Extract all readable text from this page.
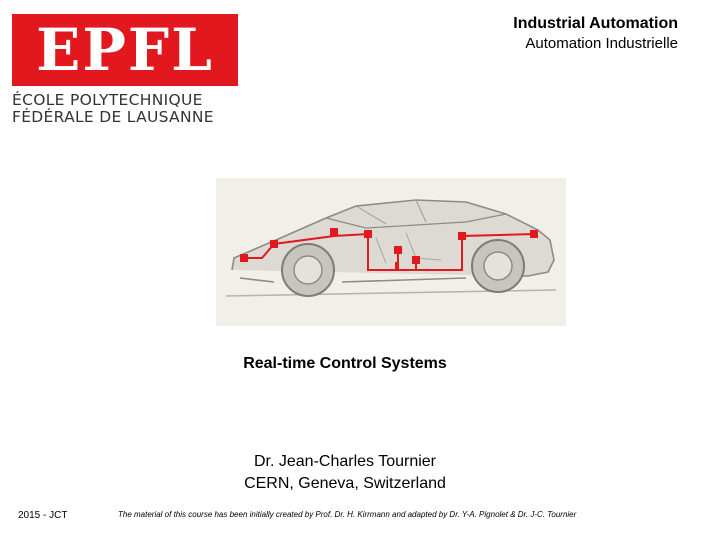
EPFL
ÉCOLE POLYTECHNIQUE
FÉDÉRALE DE LAUSANNE
Industrial Automation
Automation Industrielle
Real-time Control Systems
Dr. Jean-Charles Tournier
CERN, Geneva, Switzerland
2015 - JCT	The material of this course has been initially created by Prof. Dr. H. Kirrmann and adapted by Dr. Y-A. Pignolet & Dr. J-C. Tournier
